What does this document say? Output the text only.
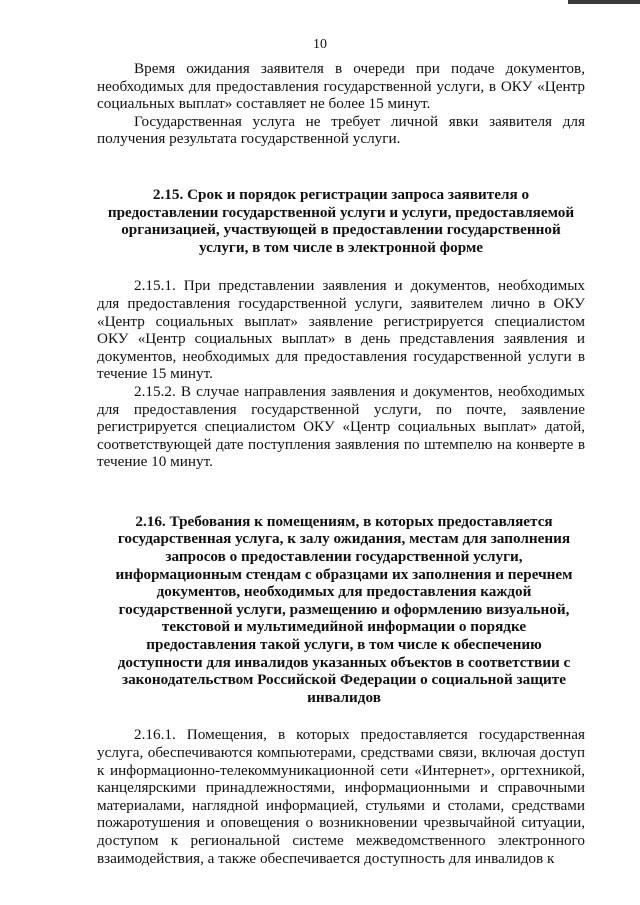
10

Время ожидания заявителя в очереди при подаче документов, необходимых для предоставления государственной услуги, в ОКУ «Центр социальных выплат» составляет не более 15 минут.

Государственная услуга не требует личной явки заявителя для получения результата государственной услуги.

2.15. Срок и порядок регистрации запроса заявителя о предоставлении государственной услуги и услуги, предоставляемой организацией, участвующей в предоставлении государственной услуги, в том числе в электронной форме

2.15.1. При представлении заявления и документов, необходимых для предоставления государственной услуги, заявителем лично в ОКУ «Центр социальных выплат» заявление регистрируется специалистом ОКУ «Центр социальных выплат» в день представления заявления и документов, необходимых для предоставления государственной услуги в течение 15 минут.

2.15.2. В случае направления заявления и документов, необходимых для предоставления государственной услуги, по почте, заявление регистрируется специалистом ОКУ «Центр социальных выплат» датой, соответствующей дате поступления заявления по штемпелю на конверте в течение 10 минут.

2.16. Требования к помещениям, в которых предоставляется государственная услуга, к залу ожидания, местам для заполнения запросов о предоставлении государственной услуги, информационным стендам с образцами их заполнения и перечнем документов, необходимых для предоставления каждой государственной услуги, размещению и оформлению визуальной, текстовой и мультимедийной информации о порядке предоставления такой услуги, в том числе к обеспечению доступности для инвалидов указанных объектов в соответствии с законодательством Российской Федерации о социальной защите инвалидов

2.16.1. Помещения, в которых предоставляется государственная услуга, обеспечиваются компьютерами, средствами связи, включая доступ к информационно-телекоммуникационной сети «Интернет», оргтехникой, канцелярскими принадлежностями, информационными и справочными материалами, наглядной информацией, стульями и столами, средствами пожаротушения и оповещения о возникновении чрезвычайной ситуации, доступом к региональной системе межведомственного электронного взаимодействия, а также обеспечивается доступность для инвалидов к
